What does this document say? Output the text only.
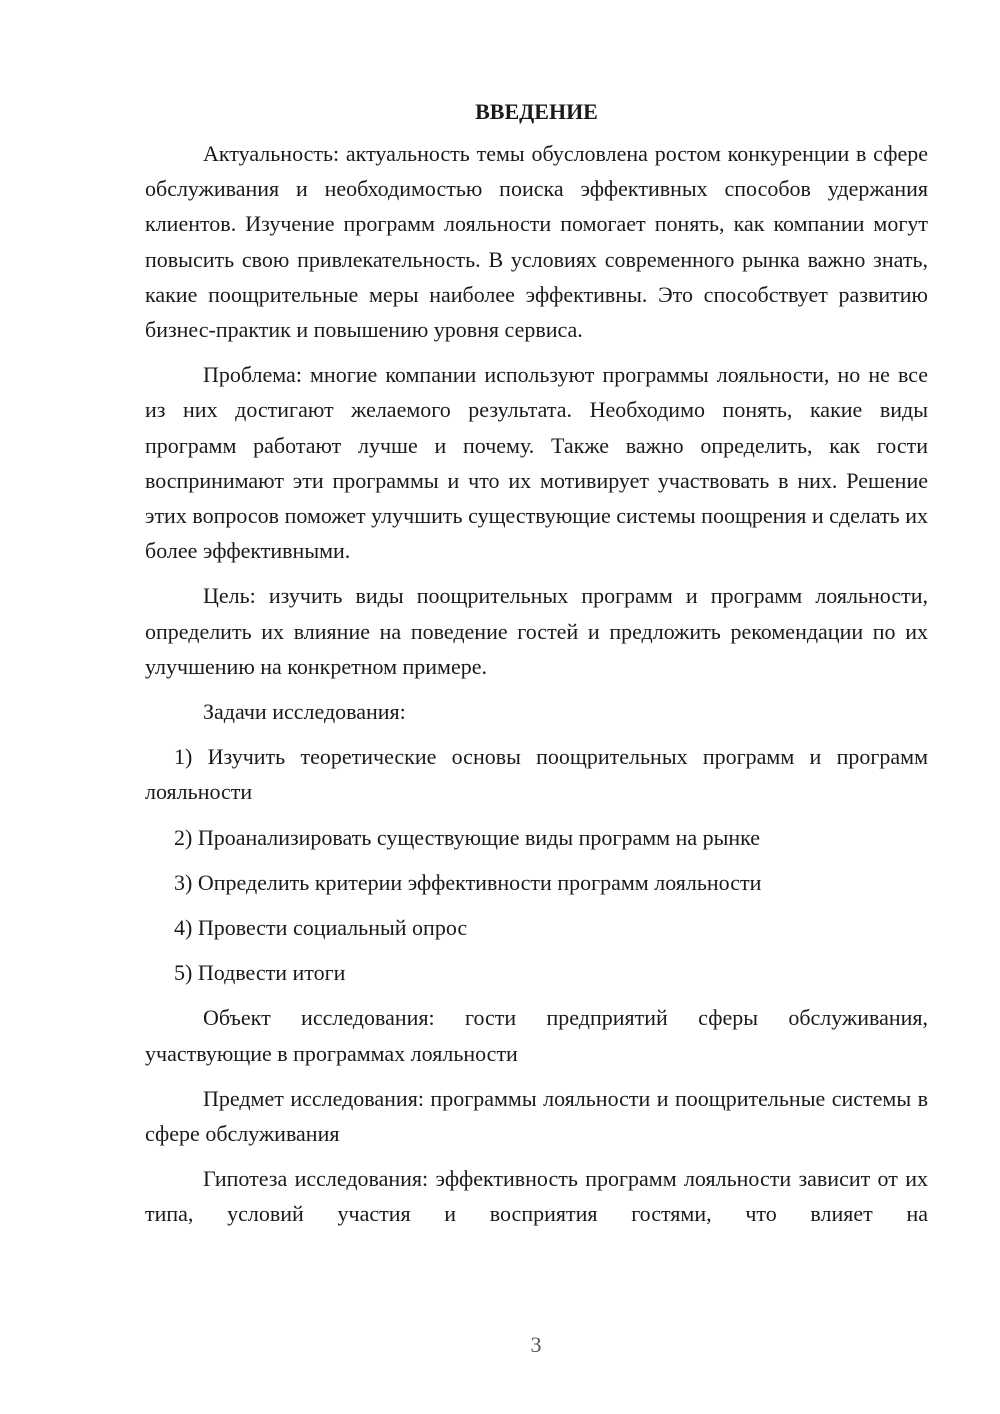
ВВЕДЕНИЕ

Актуальность: актуальность темы обусловлена ростом конкуренции в сфере обслуживания и необходимостью поиска эффективных способов удержания клиентов. Изучение программ лояльности помогает понять, как компании могут повысить свою привлекательность. В условиях современного рынка важно знать, какие поощрительные меры наиболее эффективны. Это способствует развитию бизнес-практик и повышению уровня сервиса.

Проблема: многие компании используют программы лояльности, но не все из них достигают желаемого результата. Необходимо понять, какие виды программ работают лучше и почему. Также важно определить, как гости воспринимают эти программы и что их мотивирует участвовать в них. Решение этих вопросов поможет улучшить существующие системы поощрения и сделать их более эффективными.

Цель: изучить виды поощрительных программ и программ лояльности, определить их влияние на поведение гостей и предложить рекомендации по их улучшению на конкретном примере.

Задачи исследования:

1) Изучить теоретические основы поощрительных программ и программ лояльности

2) Проанализировать существующие виды программ на рынке

3) Определить критерии эффективности программ лояльности

4) Провести социальный опрос

5) Подвести итоги

Объект исследования: гости предприятий сферы обслуживания, участвующие в программах лояльности

Предмет исследования: программы лояльности и поощрительные системы в сфере обслуживания

Гипотеза исследования: эффективность программ лояльности зависит от их типа, условий участия и восприятия гостями, что влияет на

3
